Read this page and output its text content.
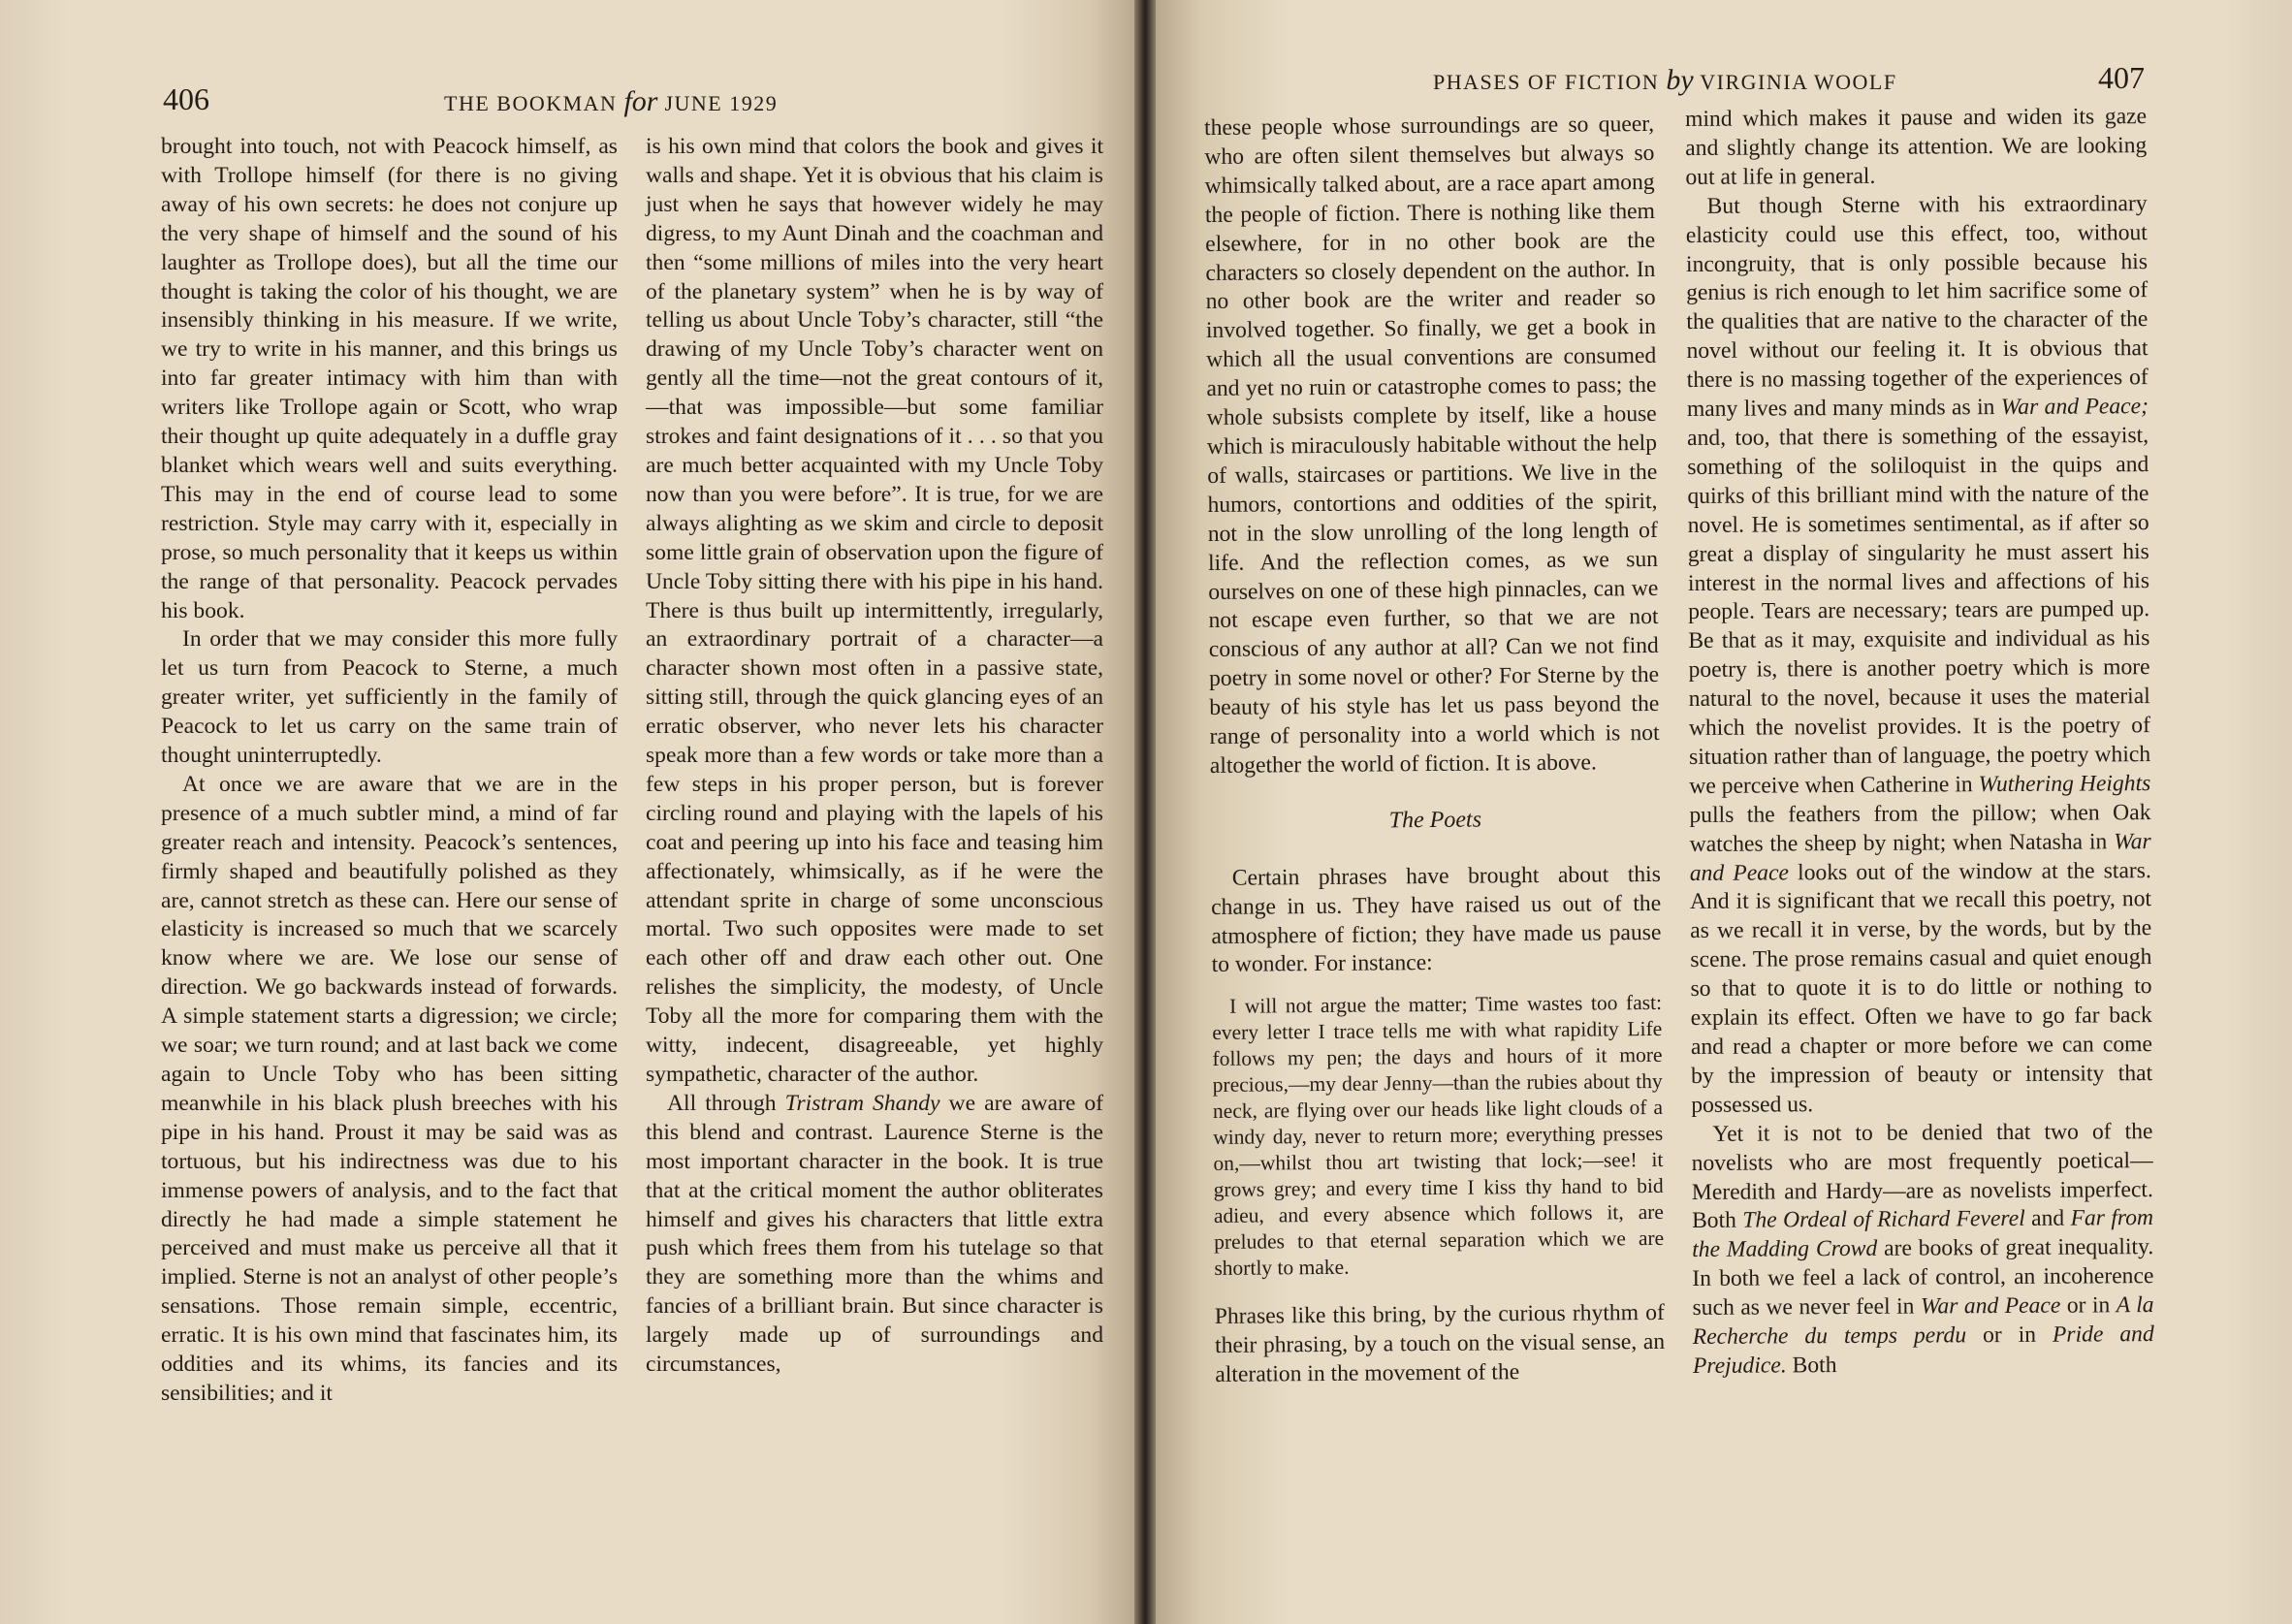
406	THE BOOKMAN for JUNE 1929

brought into touch, not with Peacock himself, as with Trollope himself (for there is no giving away of his own secrets: he does not conjure up the very shape of himself and the sound of his laughter as Trollope does), but all the time our thought is taking the color of his thought, we are insensibly thinking in his measure. If we write, we try to write in his manner, and this brings us into far greater intimacy with him than with writers like Trollope again or Scott, who wrap their thought up quite adequately in a duffle gray blanket which wears well and suits everything. This may in the end of course lead to some restriction. Style may carry with it, especially in prose, so much personality that it keeps us within the range of that personality. Peacock pervades his book.

In order that we may consider this more fully let us turn from Peacock to Sterne, a much greater writer, yet sufficiently in the family of Peacock to let us carry on the same train of thought uninterruptedly.

At once we are aware that we are in the presence of a much subtler mind, a mind of far greater reach and intensity. Peacock’s sentences, firmly shaped and beautifully polished as they are, cannot stretch as these can. Here our sense of elasticity is increased so much that we scarcely know where we are. We lose our sense of direction. We go backwards instead of forwards. A simple statement starts a digression; we circle; we soar; we turn round; and at last back we come again to Uncle Toby who has been sitting meanwhile in his black plush breeches with his pipe in his hand. Proust it may be said was as tortuous, but his indirectness was due to his immense powers of analysis, and to the fact that directly he had made a simple statement he perceived and must make us perceive all that it implied. Sterne is not an analyst of other people’s sensations. Those remain simple, eccentric, erratic. It is his own mind that fascinates him, its oddities and its whims, its fancies and its sensibilities; and it

is his own mind that colors the book and gives it walls and shape. Yet it is obvious that his claim is just when he says that however widely he may digress, to my Aunt Dinah and the coachman and then “some millions of miles into the very heart of the planetary system” when he is by way of telling us about Uncle Toby’s character, still “the drawing of my Uncle Toby’s character went on gently all the time—not the great contours of it,—that was impossible—but some familiar strokes and faint designations of it . . . so that you are much better acquainted with my Uncle Toby now than you were before”. It is true, for we are always alighting as we skim and circle to deposit some little grain of observation upon the figure of Uncle Toby sitting there with his pipe in his hand. There is thus built up intermittently, irregularly, an extraordinary portrait of a character—a character shown most often in a passive state, sitting still, through the quick glancing eyes of an erratic observer, who never lets his character speak more than a few words or take more than a few steps in his proper person, but is forever circling round and playing with the lapels of his coat and peering up into his face and teasing him affectionately, whimsically, as if he were the attendant sprite in charge of some unconscious mortal. Two such opposites were made to set each other off and draw each other out. One relishes the simplicity, the modesty, of Uncle Toby all the more for comparing them with the witty, indecent, disagreeable, yet highly sympathetic, character of the author.

All through Tristram Shandy we are aware of this blend and contrast. Laurence Sterne is the most important character in the book. It is true that at the critical moment the author obliterates himself and gives his characters that little extra push which frees them from his tutelage so that they are something more than the whims and fancies of a brilliant brain. But since character is largely made up of surroundings and circumstances,

PHASES OF FICTION by VIRGINIA WOOLF	407

these people whose surroundings are so queer, who are often silent themselves but always so whimsically talked about, are a race apart among the people of fiction. There is nothing like them elsewhere, for in no other book are the characters so closely dependent on the author. In no other book are the writer and reader so involved together. So finally, we get a book in which all the usual conventions are consumed and yet no ruin or catastrophe comes to pass; the whole subsists complete by itself, like a house which is miraculously habitable without the help of walls, staircases or partitions. We live in the humors, contortions and oddities of the spirit, not in the slow unrolling of the long length of life. And the reflection comes, as we sun ourselves on one of these high pinnacles, can we not escape even further, so that we are not conscious of any author at all? Can we not find poetry in some novel or other? For Sterne by the beauty of his style has let us pass beyond the range of personality into a world which is not altogether the world of fiction. It is above.

The Poets

Certain phrases have brought about this change in us. They have raised us out of the atmosphere of fiction; they have made us pause to wonder. For instance:

I will not argue the matter; Time wastes too fast: every letter I trace tells me with what rapidity Life follows my pen; the days and hours of it more precious,—my dear Jenny—than the rubies about thy neck, are flying over our heads like light clouds of a windy day, never to return more; everything presses on,—whilst thou art twisting that lock;—see! it grows grey; and every time I kiss thy hand to bid adieu, and every absence which follows it, are preludes to that eternal separation which we are shortly to make.

Phrases like this bring, by the curious rhythm of their phrasing, by a touch on the visual sense, an alteration in the movement of the

mind which makes it pause and widen its gaze and slightly change its attention. We are looking out at life in general.

But though Sterne with his extraordinary elasticity could use this effect, too, without incongruity, that is only possible because his genius is rich enough to let him sacrifice some of the qualities that are native to the character of the novel without our feeling it. It is obvious that there is no massing together of the experiences of many lives and many minds as in War and Peace; and, too, that there is something of the essayist, something of the soliloquist in the quips and quirks of this brilliant mind with the nature of the novel. He is sometimes sentimental, as if after so great a display of singularity he must assert his interest in the normal lives and affections of his people. Tears are necessary; tears are pumped up. Be that as it may, exquisite and individual as his poetry is, there is another poetry which is more natural to the novel, because it uses the material which the novelist provides. It is the poetry of situation rather than of language, the poetry which we perceive when Catherine in Wuthering Heights pulls the feathers from the pillow; when Oak watches the sheep by night; when Natasha in War and Peace looks out of the window at the stars. And it is significant that we recall this poetry, not as we recall it in verse, by the words, but by the scene. The prose remains casual and quiet enough so that to quote it is to do little or nothing to explain its effect. Often we have to go far back and read a chapter or more before we can come by the impression of beauty or intensity that possessed us.

Yet it is not to be denied that two of the novelists who are most frequently poetical—Meredith and Hardy—are as novelists imperfect. Both The Ordeal of Richard Feverel and Far from the Madding Crowd are books of great inequality. In both we feel a lack of control, an incoherence such as we never feel in War and Peace or in A la Recherche du temps perdu or in Pride and Prejudice. Both
